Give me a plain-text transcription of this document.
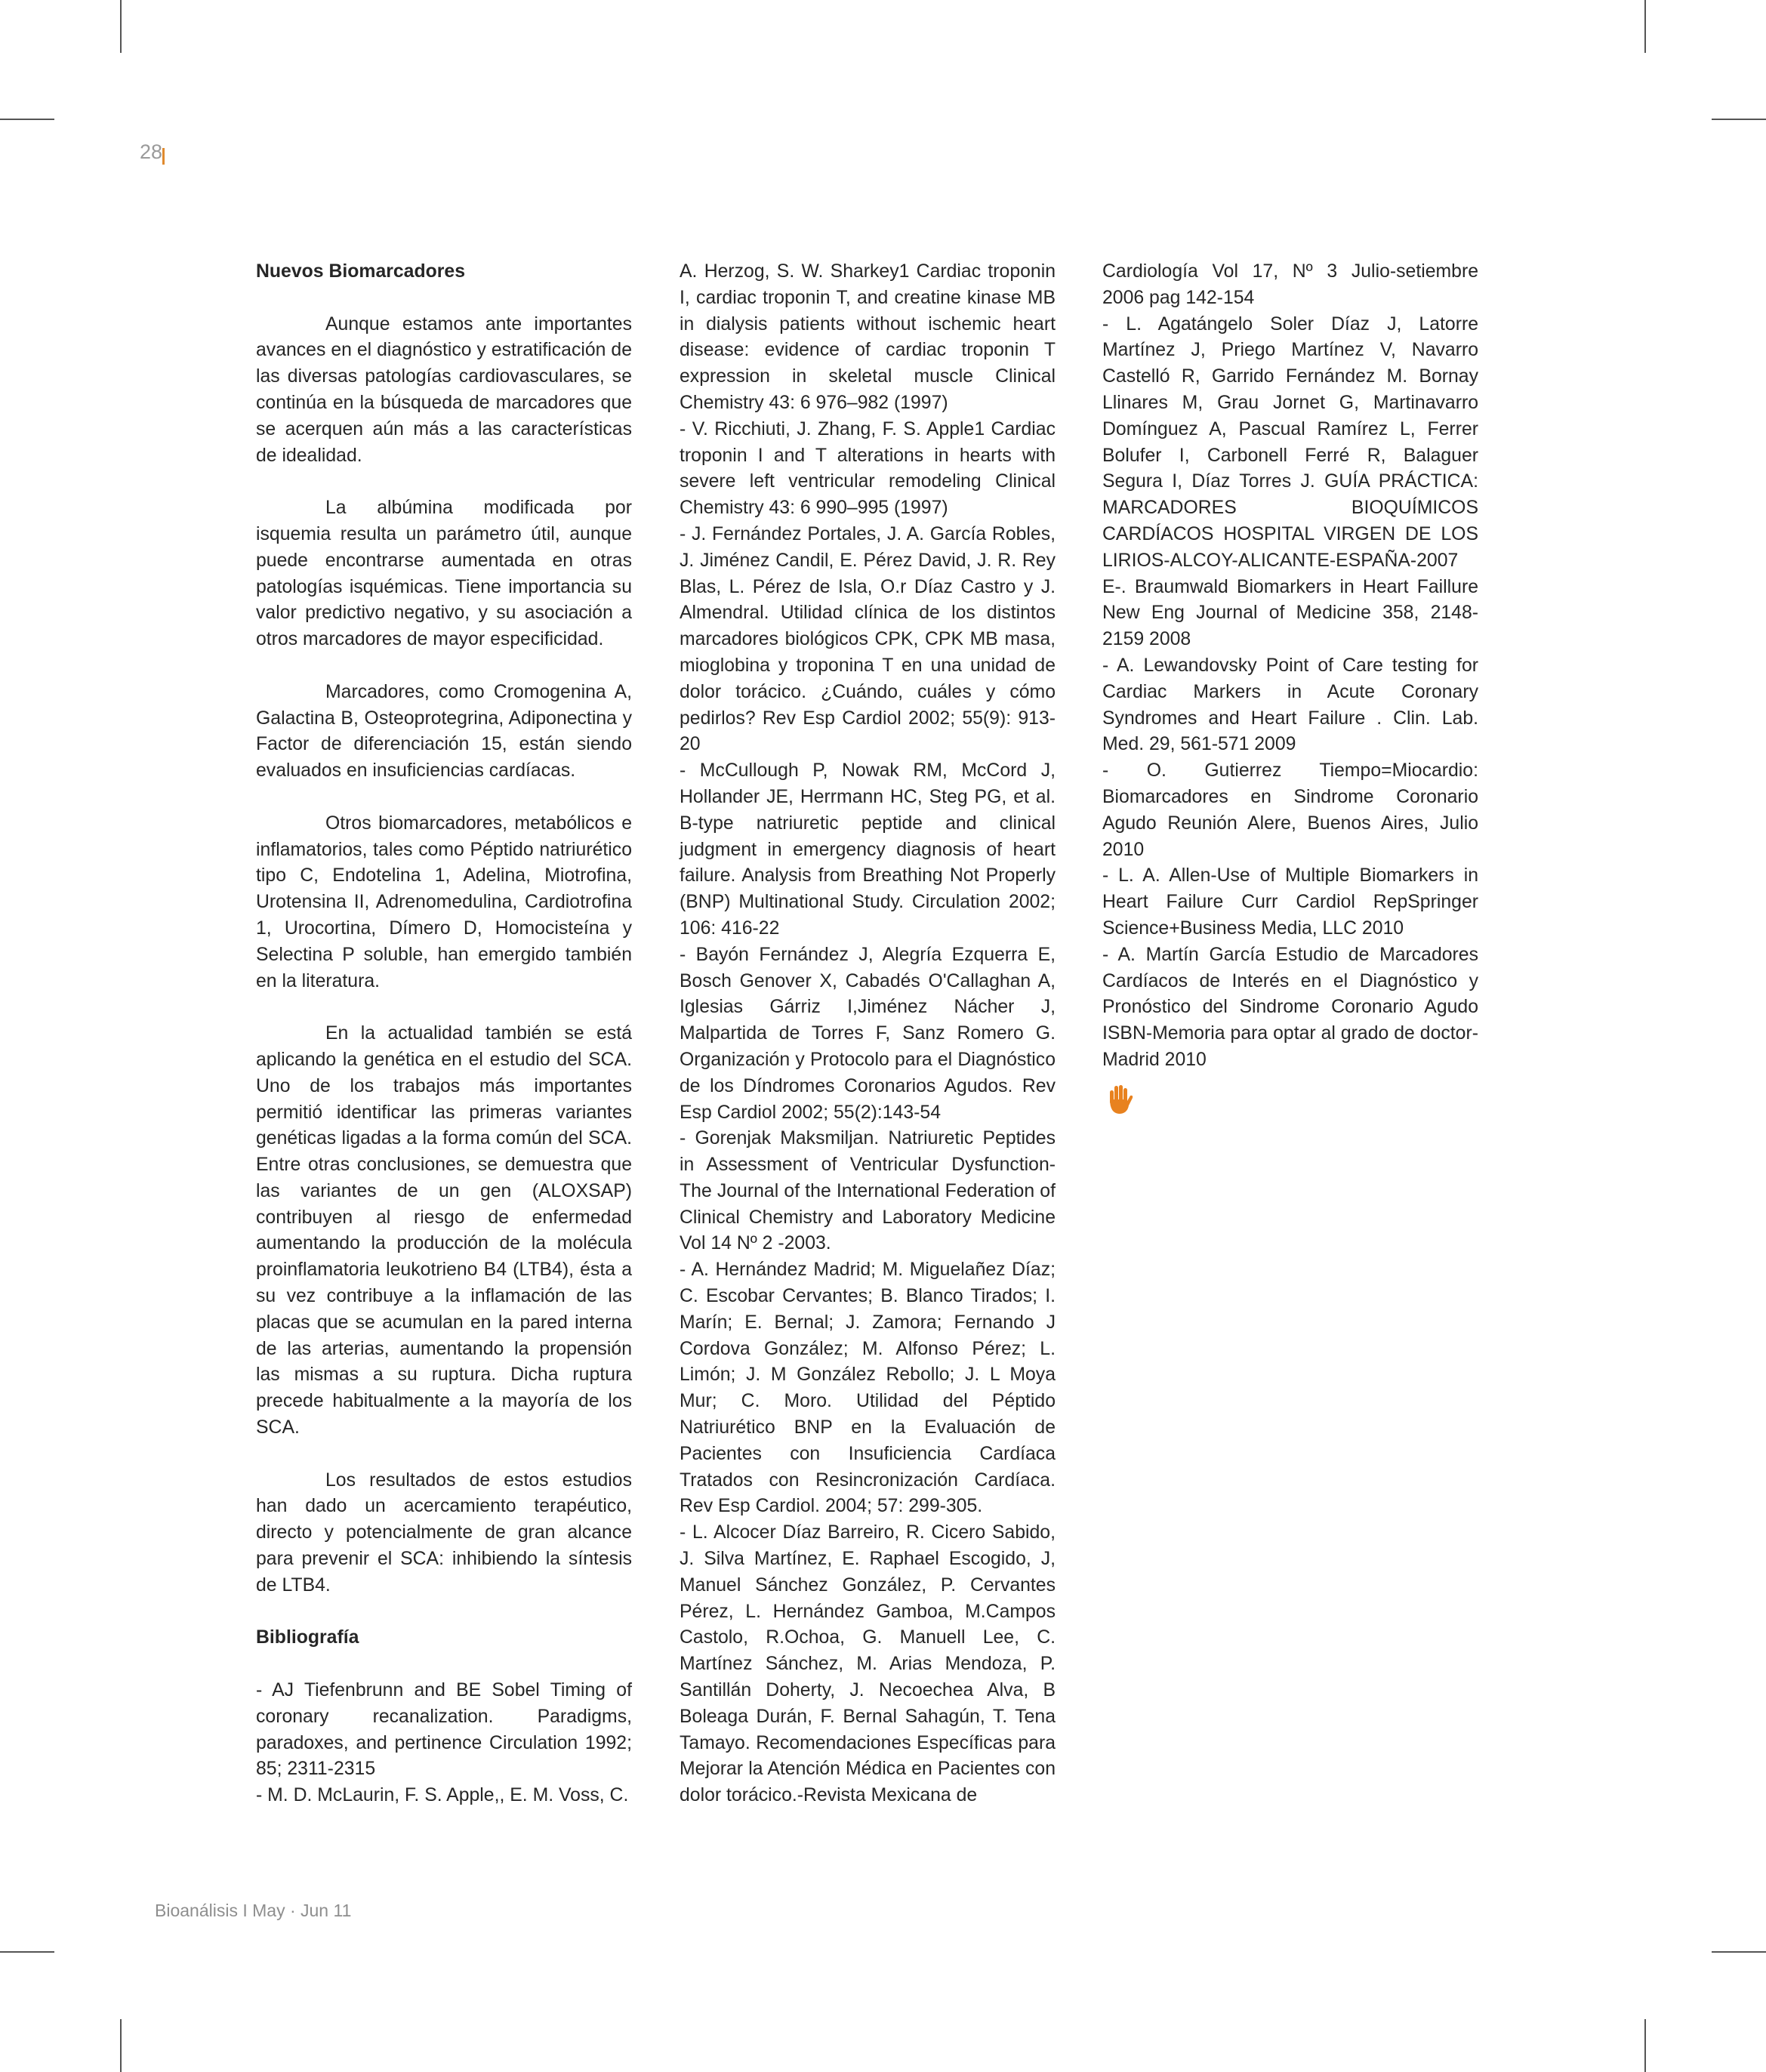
28

Nuevos Biomarcadores

Aunque estamos ante importantes avances en el diagnóstico y estratificación de las diversas patologías cardiovasculares, se continúa en la búsqueda de marcadores que se acerquen aún más a las características de idealidad.

La albúmina modificada por isquemia resulta un parámetro útil, aunque puede encontrarse aumentada en otras patologías isquémicas. Tiene importancia su valor predictivo negativo, y su asociación a otros marcadores de mayor especificidad.

Marcadores, como Cromogenina A, Galactina B, Osteoprotegrina, Adiponectina y Factor de diferenciación 15, están siendo evaluados en insuficiencias cardíacas.

Otros biomarcadores, metabólicos e inflamatorios, tales como Péptido natriurético tipo C, Endotelina 1, Adelina, Miotrofina, Urotensina II, Adrenomedulina, Cardiotrofina 1, Urocortina, Dímero D, Homocisteína y Selectina P soluble, han emergido también en la literatura.

En la actualidad también se está aplicando la genética en el estudio del SCA. Uno de los trabajos más importantes permitió identificar las primeras variantes genéticas ligadas a la forma común del SCA. Entre otras conclusiones, se demuestra que las variantes de un gen (ALOXSAP) contribuyen al riesgo de enfermedad aumentando la producción de la molécula proinflamatoria leukotrieno B4 (LTB4), ésta a su vez contribuye a la inflamación de las placas que se acumulan en la pared interna de las arterias, aumentando la propensión las mismas a su ruptura. Dicha ruptura precede habitualmente a la mayoría de los SCA.

Los resultados de estos estudios han dado un acercamiento terapéutico, directo y potencialmente de gran alcance para prevenir el SCA: inhibiendo la síntesis de LTB4.

Bibliografía

- AJ Tiefenbrunn and BE Sobel Timing of coronary recanalization. Paradigms, paradoxes, and pertinence Circulation 1992; 85; 2311-2315

- M. D. McLaurin, F. S. Apple,, E. M. Voss, C.

A. Herzog, S. W. Sharkey1 Cardiac troponin I, cardiac troponin T, and creatine kinase MB in dialysis patients without ischemic heart disease: evidence of cardiac troponin T expression in skeletal muscle Clinical Chemistry 43: 6 976–982 (1997)

- V. Ricchiuti, J. Zhang, F. S. Apple1 Cardiac troponin I and T alterations in hearts with severe left ventricular remodeling Clinical Chemistry 43: 6 990–995 (1997)

- J. Fernández Portales, J. A. García Robles, J. Jiménez Candil, E. Pérez David, J. R. Rey Blas, L. Pérez de Isla, O.r Díaz Castro y J. Almendral. Utilidad clínica de los distintos marcadores biológicos CPK, CPK MB masa, mioglobina y troponina T en una unidad de dolor torácico. ¿Cuándo, cuáles y cómo pedirlos? Rev Esp Cardiol 2002; 55(9): 913-20

- McCullough P, Nowak RM, McCord J, Hollander JE, Herrmann HC, Steg PG, et al. B-type natriuretic peptide and clinical judgment in emergency diagnosis of heart failure. Analysis from Breathing Not Properly (BNP) Multinational Study. Circulation 2002; 106: 416-22

- Bayón Fernández J, Alegría Ezquerra E, Bosch Genover X, Cabadés O'Callaghan A, Iglesias Gárriz I,Jiménez Nácher J, Malpartida de Torres F, Sanz Romero G. Organización y Protocolo para el Diagnóstico de los Díndromes Coronarios Agudos. Rev Esp Cardiol 2002; 55(2):143-54

- Gorenjak Maksmiljan. Natriuretic Peptides in Assessment of Ventricular Dysfunction- The Journal of the International Federation of Clinical Chemistry and Laboratory Medicine Vol 14 Nº 2 -2003.

- A. Hernández Madrid; M. Miguelañez Díaz; C. Escobar Cervantes; B. Blanco Tirados; I. Marín; E. Bernal; J. Zamora; Fernando J Cordova González; M. Alfonso Pérez; L. Limón; J. M González Rebollo; J. L Moya Mur; C. Moro. Utilidad del Péptido Natriurético BNP en la Evaluación de Pacientes con Insuficiencia Cardíaca Tratados con Resincronización Cardíaca. Rev Esp Cardiol. 2004; 57: 299-305.

- L. Alcocer Díaz Barreiro, R. Cicero Sabido, J. Silva Martínez, E. Raphael Escogido, J, Manuel Sánchez González, P. Cervantes Pérez, L. Hernández Gamboa, M.Campos Castolo, R.Ochoa, G. Manuell Lee, C. Martínez Sánchez, M. Arias Mendoza, P. Santillán Doherty, J. Necoechea Alva, B Boleaga Durán, F. Bernal Sahagún, T. Tena Tamayo. Recomendaciones Específicas para Mejorar la Atención Médica en Pacientes con dolor torácico.-Revista Mexicana de

Cardiología Vol 17, Nº 3 Julio-setiembre 2006 pag 142-154

- L. Agatángelo Soler Díaz J, Latorre Martínez J, Priego Martínez V, Navarro Castelló R, Garrido Fernández M. Bornay Llinares M, Grau Jornet G, Martinavarro Domínguez A, Pascual Ramírez L, Ferrer Bolufer I, Carbonell Ferré R, Balaguer Segura I, Díaz Torres J. GUÍA PRÁCTICA: MARCADORES BIOQUÍMICOS CARDÍACOS HOSPITAL VIRGEN DE LOS LIRIOS-ALCOY-ALICANTE-ESPAÑA-2007

E-. Braumwald Biomarkers in Heart Faillure New Eng Journal of Medicine 358, 2148-2159 2008

- A. Lewandovsky Point of Care testing for Cardiac Markers in Acute Coronary Syndromes and Heart Failure . Clin. Lab. Med. 29, 561-571 2009

- O. Gutierrez Tiempo=Miocardio: Biomarcadores en Sindrome Coronario Agudo Reunión Alere, Buenos Aires, Julio 2010

- L. A. Allen-Use of Multiple Biomarkers in Heart Failure Curr Cardiol RepSpringer Science+Business Media, LLC 2010

- A. Martín García Estudio de Marcadores Cardíacos de Interés en el Diagnóstico y Pronóstico del Sindrome Coronario Agudo ISBN-Memoria para optar al grado de doctor-Madrid 2010

Bioanálisis I May · Jun 11
